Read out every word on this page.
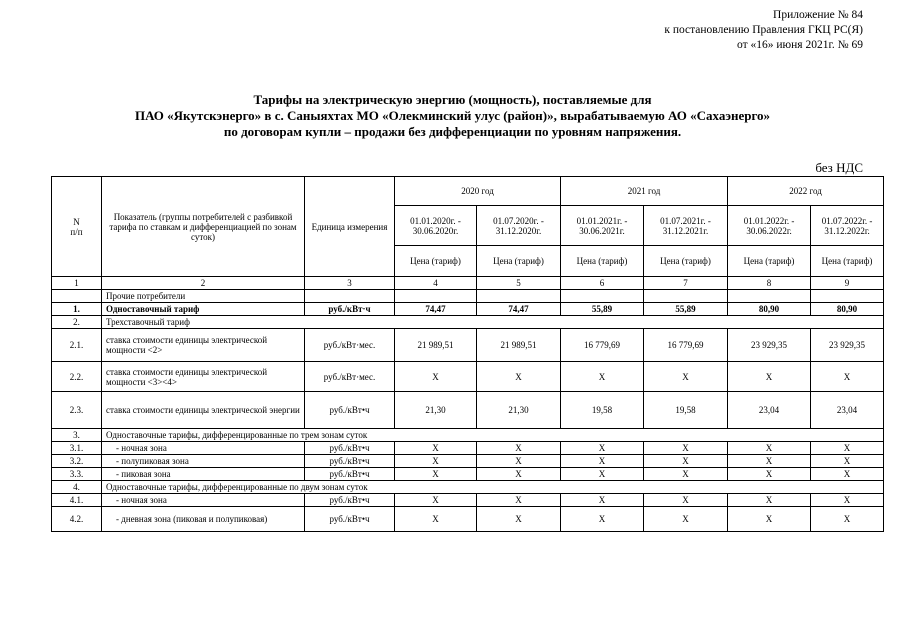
Приложение № 84
к постановлению Правления ГКЦ РС(Я)
от «16» июня 2021г. № 69
Тарифы на электрическую энергию (мощность), поставляемые для
ПАО «Якутскэнерго» в с. Саныяхтах МО «Олекминский улус (район)», вырабатываемую АО «Сахаэнерго»
по договорам купли – продажи без дифференциации по уровням напряжения.
без НДС
N
п/п	Показатель (группы потребителей с разбивкой тарифа по ставкам и дифференциацией по зонам суток)	Единица измерения	2020 год		2021 год		2022 год	
			01.01.2020г. - 30.06.2020г.	01.07.2020г. - 31.12.2020г.	01.01.2021г. - 30.06.2021г.	01.07.2021г. - 31.12.2021г.	01.01.2022г. - 30.06.2022г.	01.07.2022г. - 31.12.2022г.
			Цена (тариф)	Цена (тариф)	Цена (тариф)	Цена (тариф)	Цена (тариф)	Цена (тариф)
1	2	3	4	5	6	7	8	9
	Прочие потребители							
1.	Одноставочный тариф	руб./кВт·ч	74,47	74,47	55,89	55,89	80,90	80,90
2.	Трехставочный тариф							
2.1.	ставка стоимости единицы электрической мощности <2>	руб./кВт·мес.	21 989,51	21 989,51	16 779,69	16 779,69	23 929,35	23 929,35
2.2.	ставка стоимости единицы электрической мощности <3><4>	руб./кВт·мес.	Х	Х	Х	Х	Х	Х
2.3.	ставка стоимости единицы электрической энергии	руб./кВт•ч	21,30	21,30	19,58	19,58	23,04	23,04
3.	Одноставочные тарифы, дифференцированные по трем зонам суток							
3.1.	- ночная зона	руб./кВт•ч	Х	Х	Х	Х	Х	Х
3.2.	- полупиковая зона	руб./кВт•ч	Х	Х	Х	Х	Х	Х
3.3.	- пиковая зона	руб./кВт•ч	Х	Х	Х	Х	Х	Х
4.	Одноставочные тарифы, дифференцированные по двум зонам суток							
4.1.	- ночная зона	руб./кВт•ч	Х	Х	Х	Х	Х	Х
4.2.	- дневная зона (пиковая и полупиковая)	руб./кВт•ч	Х	Х	Х	Х	Х	Х
